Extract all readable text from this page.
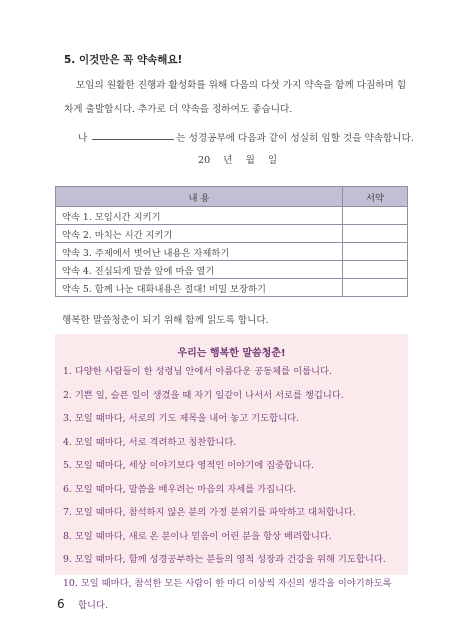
5. 이것만은 꼭 약속해요!

모임의 원활한 진행과 활성화를 위해 다음의 다섯 가지 약속을 함께 다짐하며 힘차게 출발합시다. 추가로 더 약속을 정하여도 좋습니다.

나	는 성경공부에 다음과 같이 성실히 임할 것을 약속합니다.
20 년 월 일
내 용	서약
약속 1. 모임시간 지키기	
약속 2. 마치는 시간 지키기	
약속 3. 주제에서 벗어난 내용은 자제하기	
약속 4. 진심되게 말씀 앞에 마음 열기	
약속 5. 함께 나눈 대화내용은 절대! 비밀 보장하기	
행복한 말씀청춘이 되기 위해 함께 읽도록 합니다.
우리는 행복한 말씀청춘!
1. 다양한 사람들이 한 성령님 안에서 아름다운 공동체를 이룹니다.
2. 기쁜 일, 슬픈 일이 생겼을 때 자기 일같이 나서서 서로를 챙깁니다.
3. 모일 때마다, 서로의 기도 제목을 내어 놓고 기도합니다.
4. 모일 때마다, 서로 격려하고 칭찬합니다.
5. 모일 때마다, 세상 이야기보다 영적인 이야기에 집중합니다.
6. 모일 때마다, 말씀을 배우려는 마음의 자세를 가집니다.
7. 모일 때마다, 참석하지 않은 분의 가정 분위기를 파악하고 대처합니다.
8. 모일 때마다, 새로 온 분이나 믿음이 어린 분을 항상 배려합니다.
9. 모일 때마다, 함께 성경공부하는 분들의 영적 성장과 건강을 위해 기도합니다.
10. 모일 때마다, 참석한 모든 사람이 한 마디 이상씩 자신의 생각을 이야기하도록
합니다.
6
